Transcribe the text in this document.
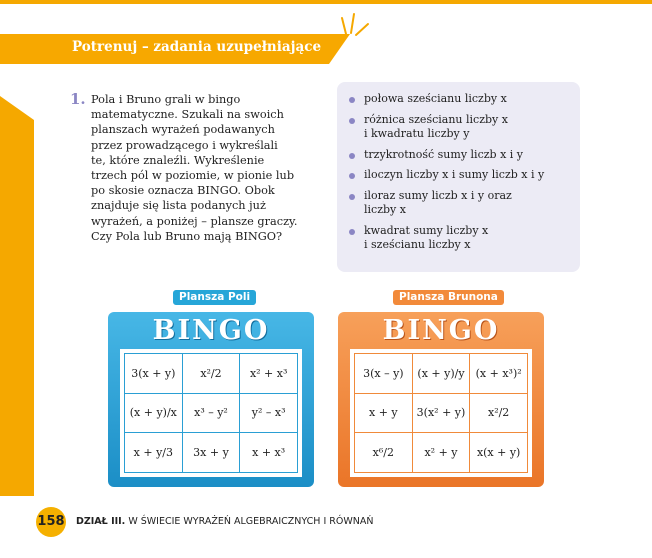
Potrenuj – zadania uzupełniające
1. Pola i Bruno grali w bingo
matematyczne. Szukali na swoich
planszach wyrażeń podawanych
przez prowadzącego i wykreślali
te, które znaleźli. Wykreślenie
trzech pól w poziomie, w pionie lub
po skosie oznacza BINGO. Obok
znajduje się lista podanych już
wyrażeń, a poniżej – plansze graczy.
Czy Pola lub Bruno mają BINGO?
połowa sześcianu liczby x
różnica sześcianu liczby x
i kwadratu liczby y
trzykrotność sumy liczb x i y
iloczyn liczby x i sumy liczb x i y
iloraz sumy liczb x i y oraz
liczby x
kwadrat sumy liczby x
i sześcianu liczby x
Plansza Poli	Plansza Brunona
BINGO
3(x + y)	x²/2	x² + x³
(x + y)/x	x³ – y²	y² – x³
x + y/3	3x + y	x + x³
BINGO
3(x – y)	(x + y)/y	(x + x³)²
x + y	3(x² + y)	x²/2
x⁶/2	x² + y	x(x + y)
158 DZIAŁ III. W ŚWIECIE WYRAŻEŃ ALGEBRAICZNYCH I RÓWNAŃ
